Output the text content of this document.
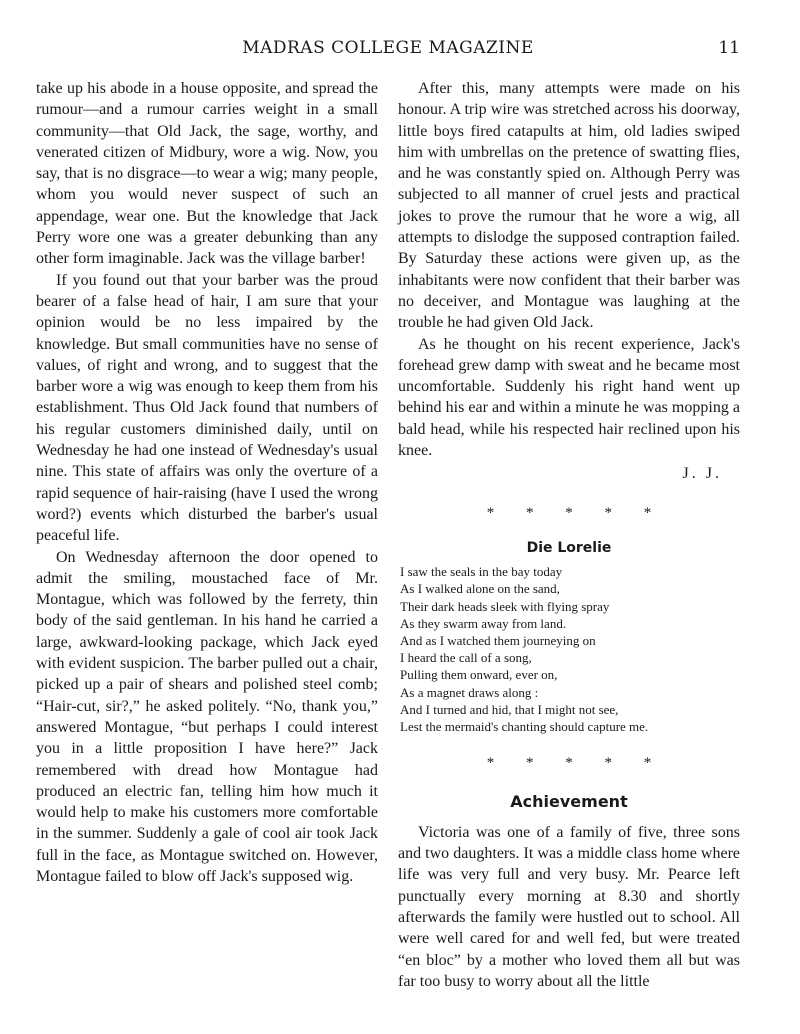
MADRAS COLLEGE MAGAZINE	11

take up his abode in a house opposite, and spread the rumour—and a rumour carries weight in a small community—that Old Jack, the sage, worthy, and venerated citizen of Midbury, wore a wig. Now, you say, that is no disgrace—to wear a wig; many people, whom you would never suspect of such an appendage, wear one. But the knowledge that Jack Perry wore one was a greater debunking than any other form imaginable. Jack was the village barber!

If you found out that your barber was the proud bearer of a false head of hair, I am sure that your opinion would be no less impaired by the knowledge. But small communities have no sense of values, of right and wrong, and to suggest that the barber wore a wig was enough to keep them from his establishment. Thus Old Jack found that numbers of his regular customers diminished daily, until on Wednesday he had one instead of Wednesday's usual nine. This state of affairs was only the overture of a rapid sequence of hair-raising (have I used the wrong word?) events which disturbed the barber's usual peaceful life.

On Wednesday afternoon the door opened to admit the smiling, moustached face of Mr. Montague, which was followed by the ferrety, thin body of the said gentleman. In his hand he carried a large, awkward-looking package, which Jack eyed with evident suspicion. The barber pulled out a chair, picked up a pair of shears and polished steel comb; “Hair-cut, sir?,” he asked politely. “No, thank you,” answered Montague, “but perhaps I could interest you in a little proposition I have here?” Jack remembered with dread how Montague had produced an electric fan, telling him how much it would help to make his customers more comfortable in the summer. Suddenly a gale of cool air took Jack full in the face, as Montague switched on. However, Montague failed to blow off Jack's supposed wig.

After this, many attempts were made on his honour. A trip wire was stretched across his doorway, little boys fired catapults at him, old ladies swiped him with umbrellas on the pretence of swatting flies, and he was constantly spied on. Although Perry was subjected to all manner of cruel jests and practical jokes to prove the rumour that he wore a wig, all attempts to dislodge the supposed contraption failed. By Saturday these actions were given up, as the inhabitants were now confident that their barber was no deceiver, and Montague was laughing at the trouble he had given Old Jack.

As he thought on his recent experience, Jack's forehead grew damp with sweat and he became most uncomfortable. Suddenly his right hand went up behind his ear and within a minute he was mopping a bald head, while his respected hair reclined upon his knee.

J. J.
* * * * *
Die Lorelie
I saw the seals in the bay today
As I walked alone on the sand,
Their dark heads sleek with flying spray
As they swarm away from land.
And as I watched them journeying on
I heard the call of a song,
Pulling them onward, ever on,
As a magnet draws along :
And I turned and hid, that I might not see,
Lest the mermaid's chanting should capture me.
* * * * *
Achievement

Victoria was one of a family of five, three sons and two daughters. It was a middle class home where life was very full and very busy. Mr. Pearce left punctually every morning at 8.30 and shortly afterwards the family were hustled out to school. All were well cared for and well fed, but were treated “en bloc” by a mother who loved them all but was far too busy to worry about all the little
